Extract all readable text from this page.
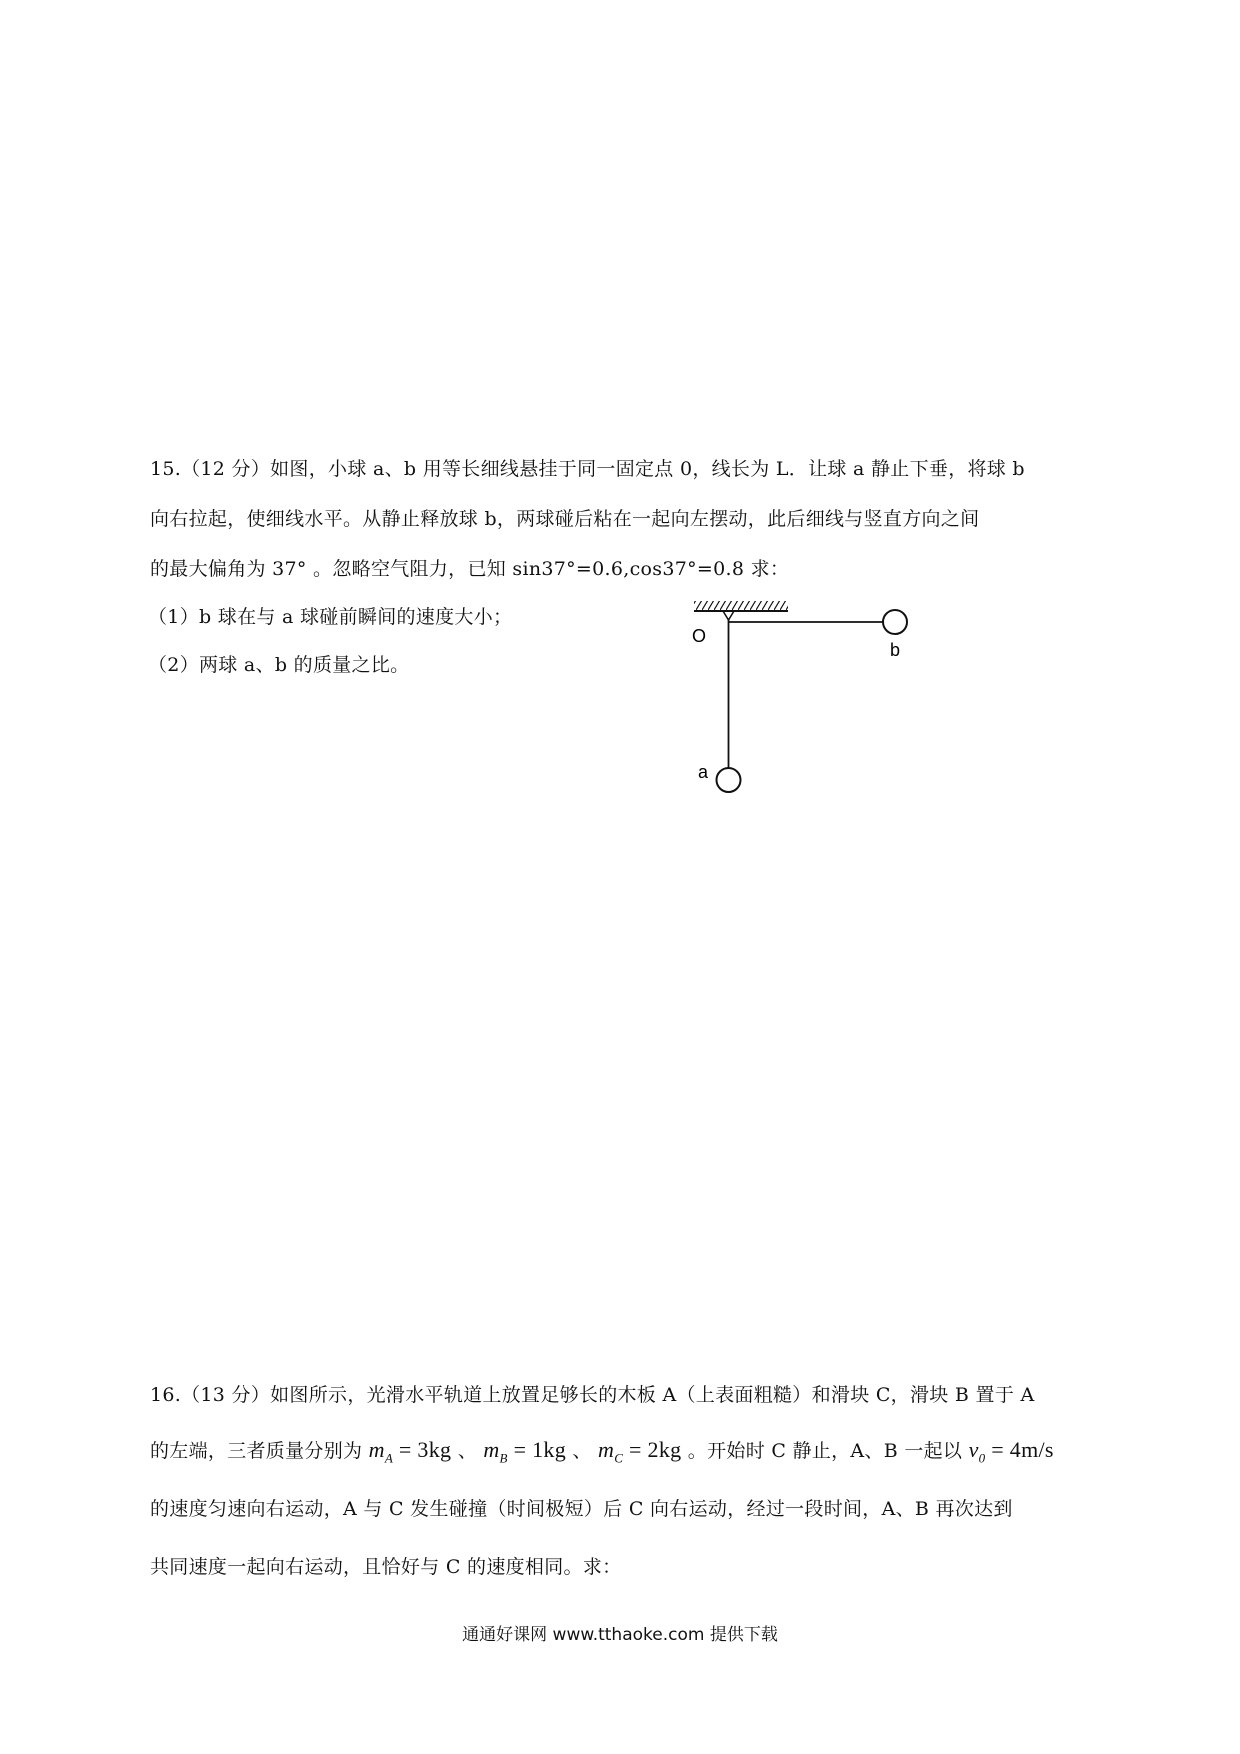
15.（12 分）如图，小球 a、b 用等长细线悬挂于同一固定点 0，线长为 L．让球 a 静止下垂，将球 b
向右拉起，使细线水平。从静止释放球 b，两球碰后粘在一起向左摆动，此后细线与竖直方向之间
的最大偏角为 37° 。忽略空气阻力，已知 sin37°=0.6,cos37°=0.8 求：
（1）b 球在与 a 球碰前瞬间的速度大小；
（2）两球 a、b 的质量之比。
O
b
a
16.（13 分）如图所示，光滑水平轨道上放置足够长的木板 A（上表面粗糙）和滑块 C，滑块 B 置于 A
的左端，三者质量分别为 $m_A = 3kg$ 、 $m_B = 1kg$ 、 $m_C = 2kg$ 。开始时 C 静止，A、B 一起以 $v_0 = 4m/s$
的速度匀速向右运动，A 与 C 发生碰撞（时间极短）后 C 向右运动，经过一段时间，A、B 再次达到
共同速度一起向右运动，且恰好与 C 的速度相同。求：
通通好课网 www.tthaoke.com 提供下载
